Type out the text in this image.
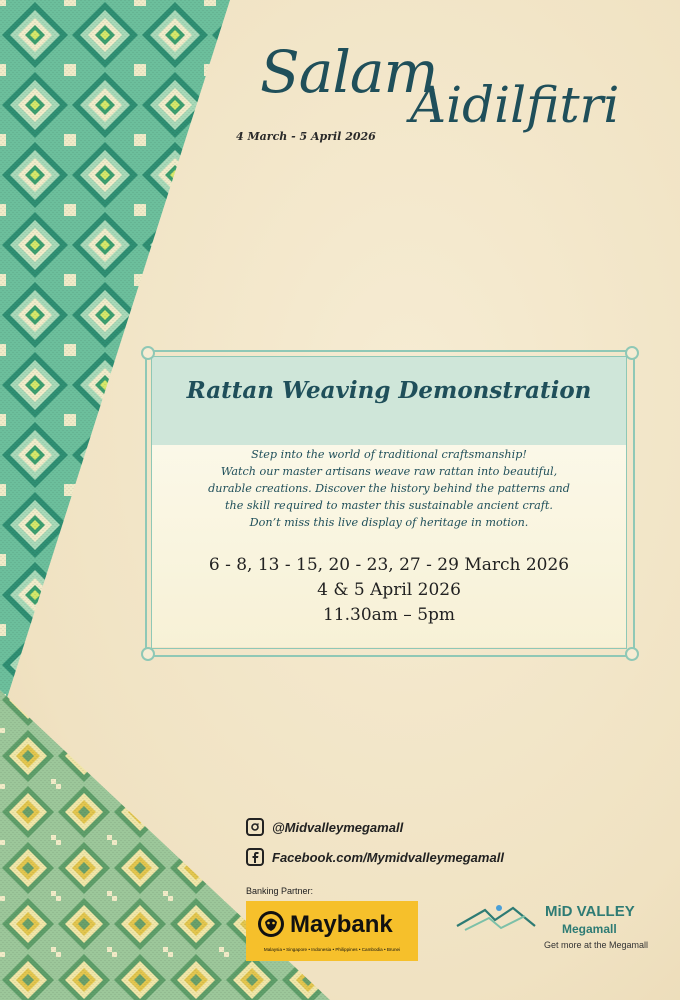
Salam
Aidilfitri
4 March - 5 April 2026
Rattan Weaving Demonstration
Step into the world of traditional craftsmanship!
Watch our master artisans weave raw rattan into beautiful,
durable creations. Discover the history behind the patterns and
the skill required to master this sustainable ancient craft.
Don’t miss this live display of heritage in motion.
6 - 8, 13 - 15, 20 - 23, 27 - 29 March 2026
4 & 5 April 2026
11.30am – 5pm
@Midvalleymegamall
Facebook.com/Mymidvalleymegamall
Banking Partner:
Maybank
Malaysia • Singapore • Indonesia • Philippines • Cambodia • Brunei
MiD VALLEY
Megamall
Get more at the Megamall
